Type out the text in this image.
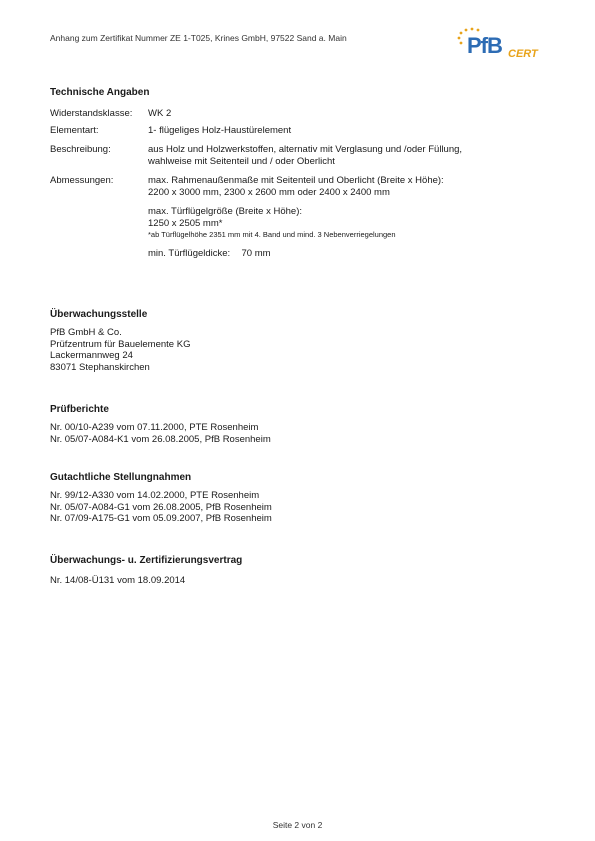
Anhang zum Zertifikat Nummer ZE 1-T025, Krines GmbH, 97522 Sand a. Main	PfB CERT
Technische Angaben
Widerstandsklasse:	WK 2
Elementart:	1- flügeliges Holz-Haustürelement
Beschreibung:	aus Holz und Holzwerkstoffen, alternativ mit Verglasung und /oder Füllung,
wahlweise mit Seitenteil und / oder Oberlicht
Abmessungen:	max. Rahmenaußenmaße mit Seitenteil und Oberlicht (Breite x Höhe):
2200 x 3000 mm, 2300 x 2600 mm oder 2400 x 2400 mm
max. Türflügelgröße (Breite x Höhe):
1250 x 2505 mm*
*ab Türflügelhöhe 2351 mm mit 4. Band und mind. 3 Nebenverriegelungen
min. Türflügeldicke: 70 mm
Überwachungsstelle
PfB GmbH & Co.
Prüfzentrum für Bauelemente KG
Lackermannweg 24
83071 Stephanskirchen
Prüfberichte
Nr. 00/10-A239 vom 07.11.2000, PTE Rosenheim
Nr. 05/07-A084-K1 vom 26.08.2005, PfB Rosenheim
Gutachtliche Stellungnahmen
Nr. 99/12-A330 vom 14.02.2000, PTE Rosenheim
Nr. 05/07-A084-G1 vom 26.08.2005, PfB Rosenheim
Nr. 07/09-A175-G1 vom 05.09.2007, PfB Rosenheim
Überwachungs- u. Zertifizierungsvertrag
Nr. 14/08-Ü131 vom 18.09.2014
Seite 2 von 2
